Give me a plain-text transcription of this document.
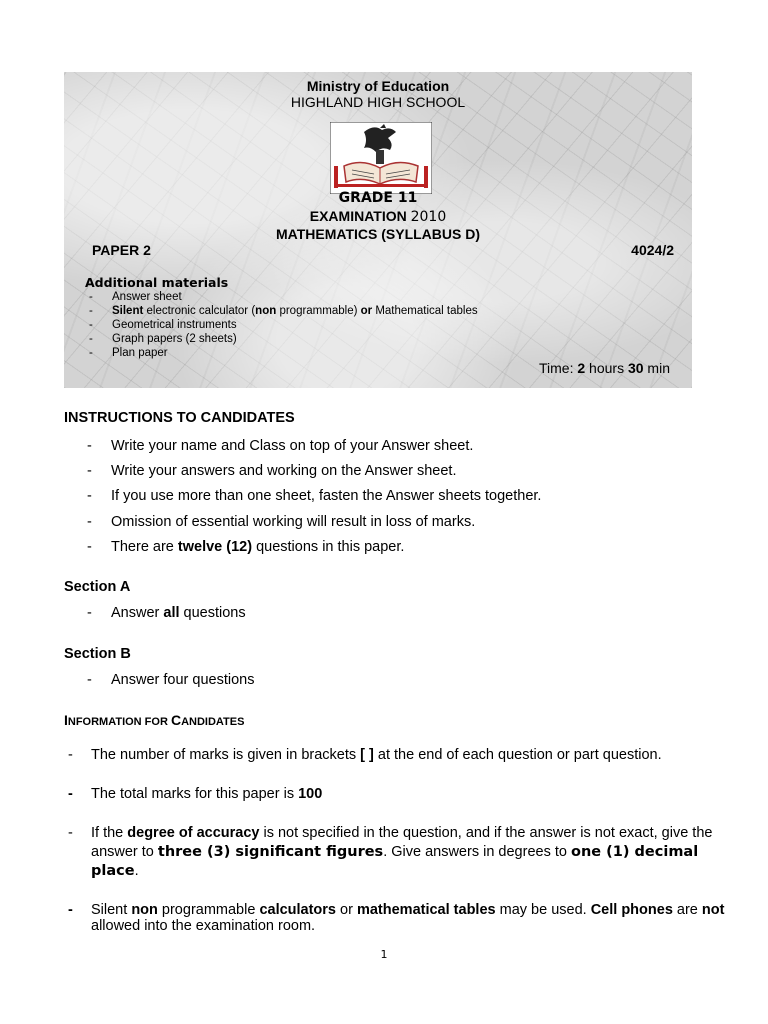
Ministry of Education
HIGHLAND HIGH SCHOOL
GRADE 11
EXAMINATION 2010
MATHEMATICS (SYLLABUS D)
PAPER 2	4024/2
Additional materials
- Answer sheet
- Silent electronic calculator (non programmable) or Mathematical tables
- Geometrical instruments
- Graph papers (2 sheets)
- Plan paper
Time: 2 hours 30 min
INSTRUCTIONS TO CANDIDATES
- Write your name and Class on top of your Answer sheet.
- Write your answers and working on the Answer sheet.
- If you use more than one sheet, fasten the Answer sheets together.
- Omission of essential working will result in loss of marks.
- There are twelve (12) questions in this paper.
Section A
- Answer all questions
Section B
- Answer four questions
INFORMATION FOR CANDIDATES
- The number of marks is given in brackets [ ] at the end of each question or part question.
- The total marks for this paper is 100
- If the degree of accuracy is not specified in the question, and if the answer is not exact, give the answer to three (3) significant figures. Give answers in degrees to one (1) decimal place.
- Silent non programmable calculators or mathematical tables may be used. Cell phones are not allowed into the examination room.
1
